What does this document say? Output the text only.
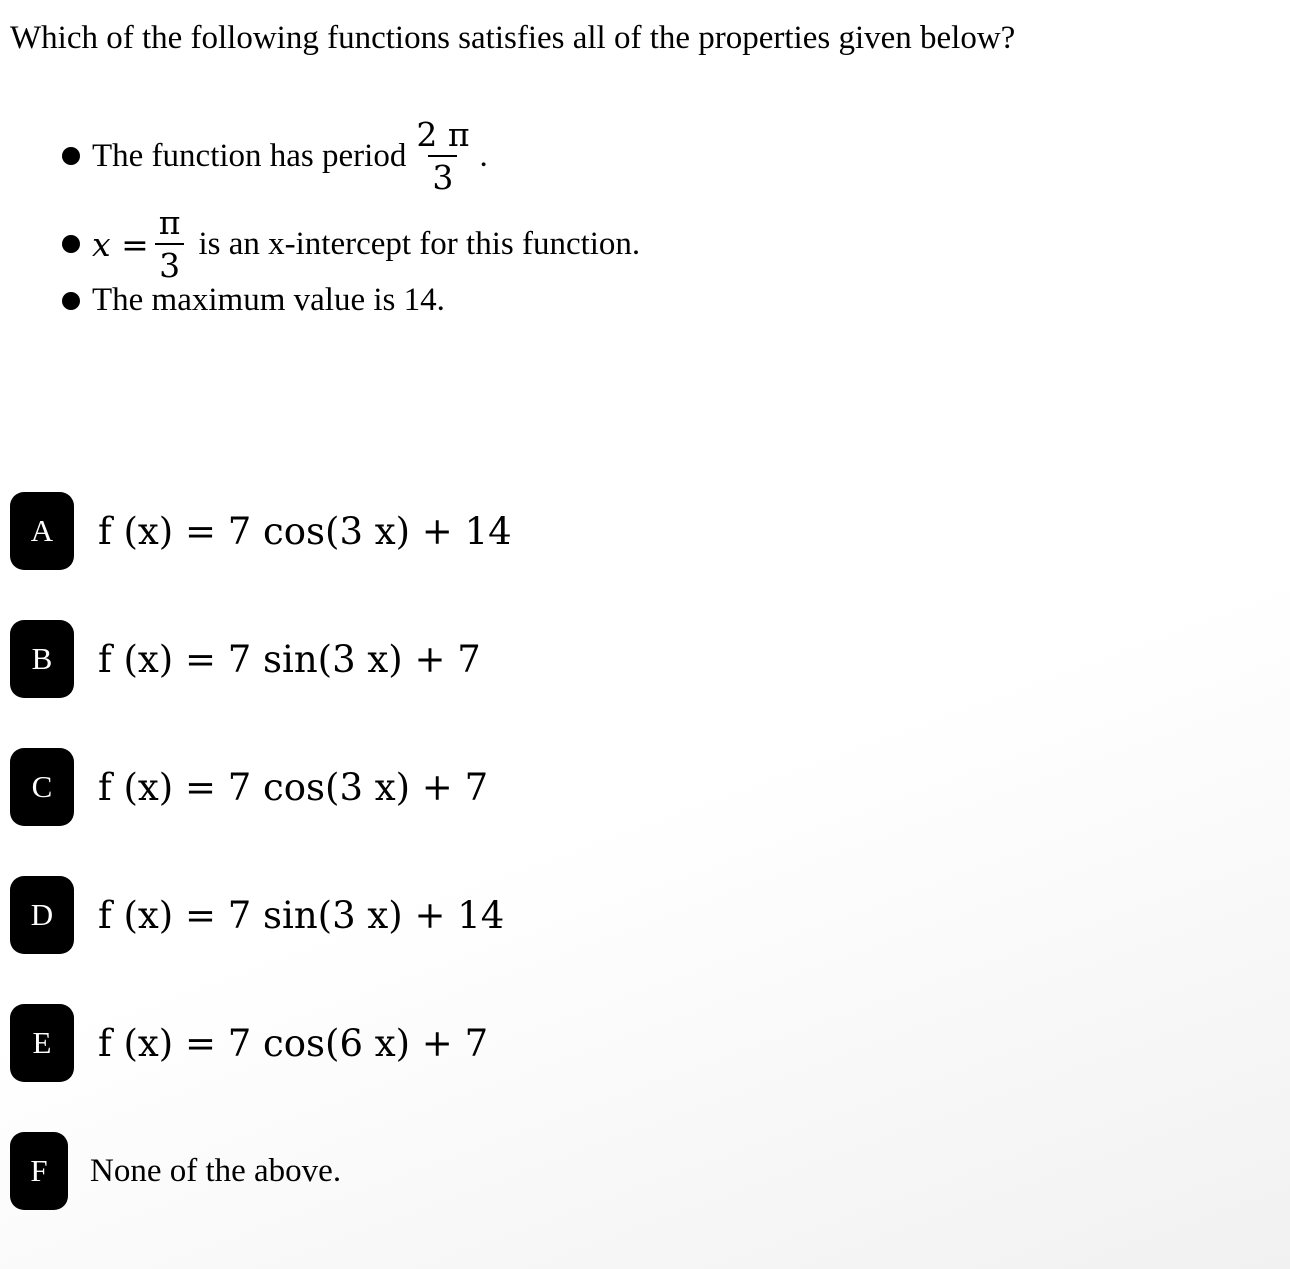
Which of the following functions satisfies all of the properties given below?
The function has period $\frac{2 \pi}{3}$ .
$x = \frac{\pi}{3}$ is an x-intercept for this function.
The maximum value is 14.
A	f (x) = 7 cos(3 x) + 14
B	f (x) = 7 sin(3 x) + 7
C	f (x) = 7 cos(3 x) + 7
D	f (x) = 7 sin(3 x) + 14
E	f (x) = 7 cos(6 x) + 7
F	None of the above.
